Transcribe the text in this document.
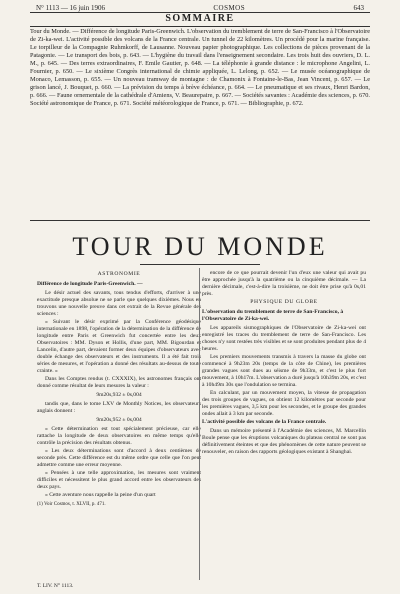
N° 1113 — 16 juin 1906	COSMOS	643
SOMMAIRE

Tour du Monde. — Différence de longitude Paris-Greenwich. L'observation du tremblement de terre de San-Francisco à l'Observatoire de Zi-ka-wei. L'activité possible des volcans de la France centrale. Un tunnel de 22 kilomètres. Un procédé pour la marine française. Le torpilleur de la Compagnie Ruhmkorff, de Lausanne. Nouveau papier photographique. Les collections de pièces provenant de la Patagonie. — Le transport des bois, p. 643. — L'hygiène du travail dans l'enseignement secondaire. Les trois huit des ouvriers, D. L. M., p. 645. — Des terres extraordinaires, F. Emile Gautier, p. 648. — La téléphonie à grande distance : le microphone Angelini, L. Fournier, p. 650. — Le sixième Congrès international de chimie appliquée, L. Lelong, p. 652. — Le musée océanographique de Monaco, Lemasson, p. 655. — Un nouveau tramway de montagne : de Chamonix à Fontaine-le-Bas, Jean Vincent, p. 657. — Le grison lancé, J. Bouquet, p. 660. — La prévision du temps à brève échéance, p. 664. — Le pneumatique et ses rivaux, Henri Bardon, p. 666. — Faune ornementale de la cathédrale d'Amiens, V. Beaurepaire, p. 667. — Sociétés savantes : Académie des sciences, p. 670. Société astronomique de France, p. 671. Société météorologique de France, p. 671. — Bibliographie, p. 672.

TOUR DU MONDE

ASTRONOMIE

Différence de longitude Paris-Greenwich. —

Le désir actuel des savants, tous tendus d'efforts, d'arriver à une exactitude presque absolue ne se parle que quelques dixièmes. Nous en trouvons une nouvelle preuve dans cet extrait de la Revue générale des sciences :

« Suivant le désir exprimé par la Conférence géodésique internationale en 1898, l'opération de la détermination de la différence de longitude entre Paris et Greenwich fut concertée entre les deux Observatoires : MM. Dyson et Hollis, d'une part, MM. Bigourdan et Lancelin, d'autre part, devaient former deux équipes d'observateurs avec double échange des observateurs et des instruments. Il a été fait trois séries de mesures, et l'opération a donné des résultats au-dessus de toute crainte. »

Dans les Comptes rendus (t. CXXXIX), les astronomes français ont donné comme résultat de leurs mesures la valeur :

9m20s,932 ± 0s,004

tandis que, dans le tome LXV de Monthly Notices, les observateurs anglais donnent :

9m20s,952 ± 0s,004

« Cette détermination est tout spécialement précieuse, car elle rattache la longitude de deux observatoires en même temps qu'elle contrôle la précision des résultats obtenus.

« Les deux déterminations sont d'accord à deux centièmes de seconde près. Cette différence est du même ordre que celle que l'on peut admettre comme une erreur moyenne.

« Pensées à une telle approximation, les mesures sont vraiment difficiles et nécessitent le plus grand accord entre les observateurs des deux pays.

« Cette aventure nous rappelle la peine d'un quart

(1) Voir Cosmos, t. XLVII, p. 471.

encore de ce que pourrait devenir l'un d'eux une valeur qui avait pu être approchée jusqu'à la quatrième ou la cinquième décimale. — La dernière décimale, c'est-à-dire la troisième, ne doit être prise qu'à 0s,01 près.

PHYSIQUE DU GLOBE

L'observation du tremblement de terre de San-Francisco, à l'Observatoire de Zi-ka-wei.

Les appareils sismographiques de l'Observatoire de Zi-ka-wei ont enregistré les traces du tremblement de terre de San-Francisco. Les choses n'y sont restées très visibles et se sont produites pendant plus de 4 heures.

Les premiers mouvements transmis à travers la masse du globe ont commencé à 9h23m 20s (temps de la côte de Chine), les premières grandes vagues sont dues au séisme de 9h33m, et c'est le plus fort mouvement, à 10h17m. L'observation a duré jusqu'à 10h39m 20s, et c'est à 10h49m 30s que l'ondulation se termina.

En calculant, par un mouvement moyen, la vitesse de propagation des trois groupes de vagues, on obtient 12 kilomètres par seconde pour les premières vagues, 3,5 km pour les secondes, et le groupe des grandes ondes allait à 3 km par seconde.

L'activité possible des volcans de la France centrale.

Dans un mémoire présenté à l'Académie des sciences, M. Marcellin Boule pense que les éruptions volcaniques du plateau central ne sont pas définitivement éteintes et que des phénomènes de cette nature peuvent se renouveler, en raison des rapports géologiques existant à Shanghai.

T. LIV. N° 1113.
